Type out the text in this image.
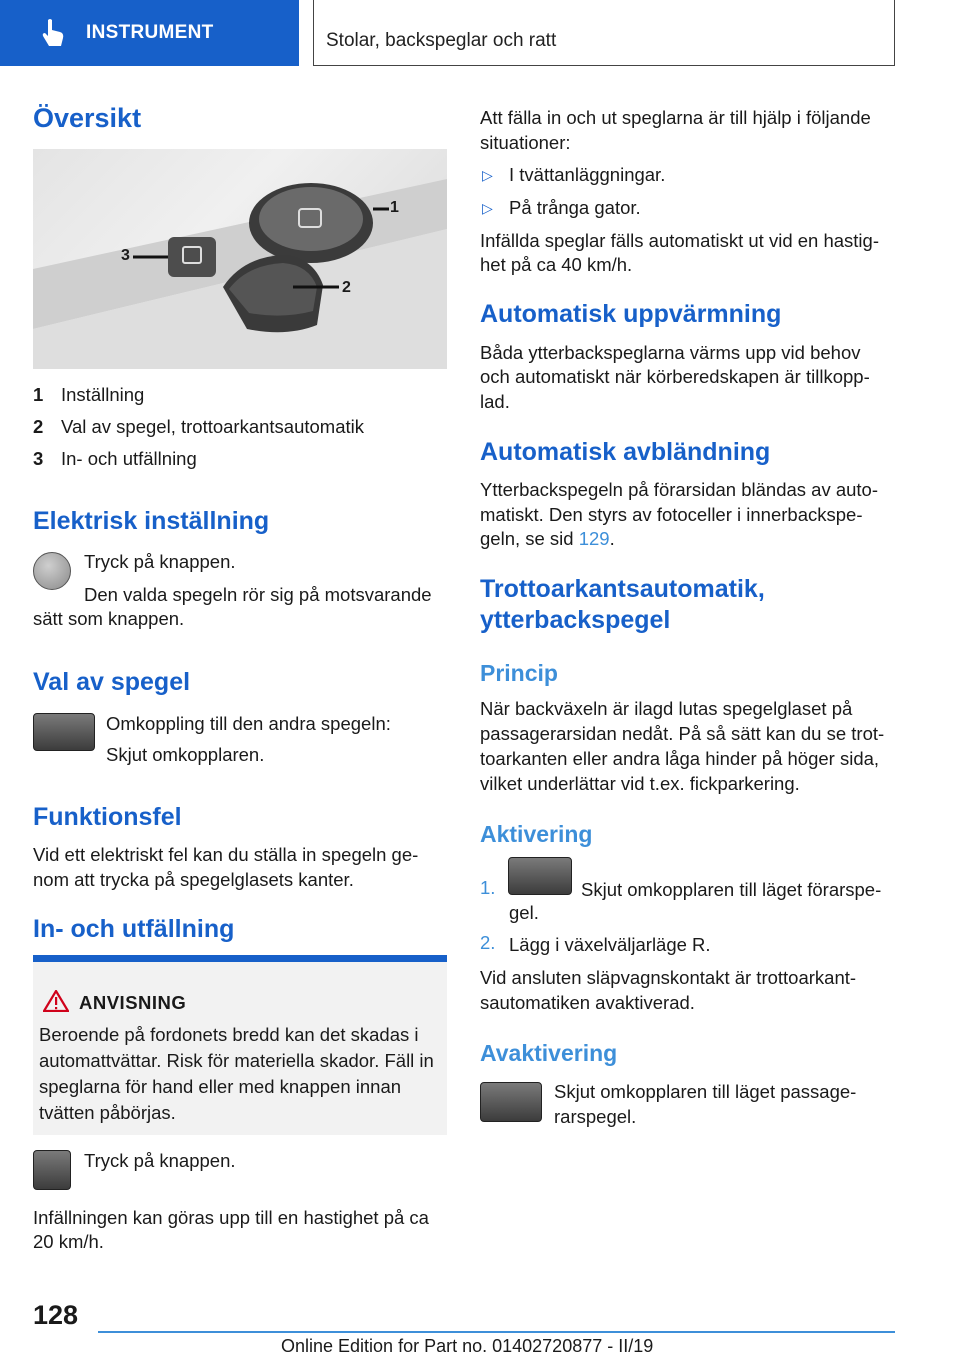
INSTRUMENT	Stolar, backspeglar och ratt
Översikt
1
2
3
1 Inställning
2 Val av spegel, trottoarkantsautomatik
3 In- och utfällning
Elektrisk inställning
Tryck på knappen.
Den valda spegeln rör sig på motsvarande
sätt som knappen.
Val av spegel
Omkoppling till den andra spegeln:
Skjut omkopplaren.
Funktionsfel
Vid ett elektriskt fel kan du ställa in spegeln ge-
nom att trycka på spegelglasets kanter.
In- och utfällning
ANVISNING
Beroende på fordonets bredd kan det skadas i
automattvättar. Risk för materiella skador. Fäll in
speglarna för hand eller med knappen innan
tvätten påbörjas.
Tryck på knappen.
Infällningen kan göras upp till en hastighet på ca
20 km/h.
Att fälla in och ut speglarna är till hjälp i följande
situationer:
▷ I tvättanläggningar.
▷ På trånga gator.
Infällda speglar fälls automatiskt ut vid en hastig-
het på ca 40 km/h.
Automatisk uppvärmning
Båda ytterbackspeglarna värms upp vid behov
och automatiskt när körberedskapen är tillkopp-
lad.
Automatisk avbländning
Ytterbackspegeln på förarsidan bländas av auto-
matiskt. Den styrs av fotoceller i innerbackspe-
geln, se sid 129.
Trottoarkantsautomatik,
ytterbackspegel
Princip
När backväxeln är ilagd lutas spegelglaset på
passagerarsidan nedåt. På så sätt kan du se trot-
toarkanten eller andra låga hinder på höger sida,
vilket underlättar vid t.ex. fickparkering.
Aktivering
1.	Skjut omkopplaren till läget förarspe-
gel.
2. Lägg i växelväljarläge R.
Vid ansluten släpvagnskontakt är trottoarkant-
sautomatiken avaktiverad.
Avaktivering
Skjut omkopplaren till läget passage-
rarspegel.
128
Online Edition for Part no. 01402720877 - II/19
